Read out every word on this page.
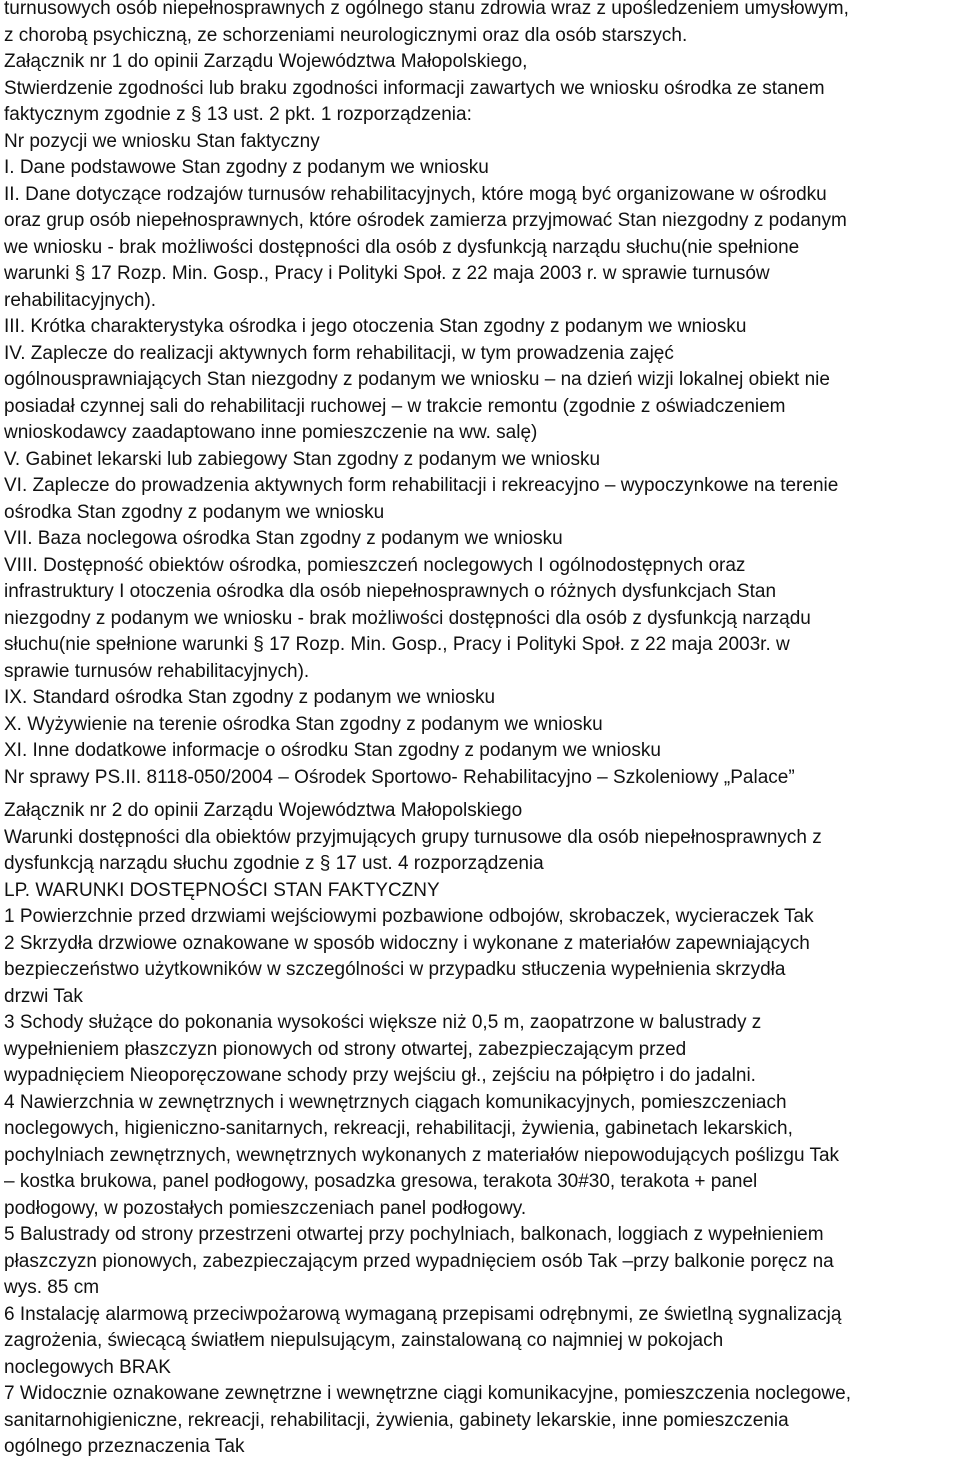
turnusowych osób niepełnosprawnych z ogólnego stanu zdrowia wraz z upośledzeniem umysłowym,
z chorobą psychiczną, ze schorzeniami neurologicznymi oraz dla osób starszych.
Załącznik nr 1 do opinii Zarządu Województwa Małopolskiego,
Stwierdzenie zgodności lub braku zgodności informacji zawartych we wniosku ośrodka ze stanem
faktycznym zgodnie z § 13 ust. 2 pkt. 1 rozporządzenia:
Nr pozycji we wniosku Stan faktyczny
I. Dane podstawowe Stan zgodny z podanym we wniosku
II. Dane dotyczące rodzajów turnusów rehabilitacyjnych, które mogą być organizowane w ośrodku
oraz grup osób niepełnosprawnych, które ośrodek zamierza przyjmować Stan niezgodny z podanym
we wniosku - brak możliwości dostępności dla osób z dysfunkcją narządu słuchu(nie spełnione
warunki § 17 Rozp. Min. Gosp., Pracy i Polityki Społ. z 22 maja 2003 r. w sprawie turnusów
rehabilitacyjnych).
III. Krótka charakterystyka ośrodka i jego otoczenia Stan zgodny z podanym we wniosku
IV. Zaplecze do realizacji aktywnych form rehabilitacji, w tym prowadzenia zajęć
ogólnousprawniających Stan niezgodny z podanym we wniosku – na dzień wizji lokalnej obiekt nie
posiadał czynnej sali do rehabilitacji ruchowej – w trakcie remontu (zgodnie z oświadczeniem
wnioskodawcy zaadaptowano inne pomieszczenie na ww. salę)
V. Gabinet lekarski lub zabiegowy Stan zgodny z podanym we wniosku
VI. Zaplecze do prowadzenia aktywnych form rehabilitacji i rekreacyjno – wypoczynkowe na terenie
ośrodka Stan zgodny z podanym we wniosku
VII. Baza noclegowa ośrodka Stan zgodny z podanym we wniosku
VIII. Dostępność obiektów ośrodka, pomieszczeń noclegowych I ogólnodostępnych oraz
infrastruktury I otoczenia ośrodka dla osób niepełnosprawnych o różnych dysfunkcjach Stan
niezgodny z podanym we wniosku - brak możliwości dostępności dla osób z dysfunkcją narządu
słuchu(nie spełnione warunki § 17 Rozp. Min. Gosp., Pracy i Polityki Społ. z 22 maja 2003r. w
sprawie turnusów rehabilitacyjnych).
IX. Standard ośrodka Stan zgodny z podanym we wniosku
X. Wyżywienie na terenie ośrodka Stan zgodny z podanym we wniosku
XI. Inne dodatkowe informacje o ośrodku Stan zgodny z podanym we wniosku
Nr sprawy PS.II. 8118-050/2004 – Ośrodek Sportowo- Rehabilitacyjno – Szkoleniowy „Palace”
Załącznik nr 2 do opinii Zarządu Województwa Małopolskiego
Warunki dostępności dla obiektów przyjmujących grupy turnusowe dla osób niepełnosprawnych z
dysfunkcją narządu słuchu zgodnie z § 17 ust. 4 rozporządzenia
LP. WARUNKI DOSTĘPNOŚCI STAN FAKTYCZNY
1 Powierzchnie przed drzwiami wejściowymi pozbawione odbojów, skrobaczek, wycieraczek Tak
2 Skrzydła drzwiowe oznakowane w sposób widoczny i wykonane z materiałów zapewniających
bezpieczeństwo użytkowników w szczególności w przypadku stłuczenia wypełnienia skrzydła
drzwi Tak
3 Schody służące do pokonania wysokości większe niż 0,5 m, zaopatrzone w balustrady z
wypełnieniem płaszczyzn pionowych od strony otwartej, zabezpieczającym przed
wypadnięciem Nieoporęczowane schody przy wejściu gł., zejściu na półpiętro i do jadalni.
4 Nawierzchnia w zewnętrznych i wewnętrznych ciągach komunikacyjnych, pomieszczeniach
noclegowych, higieniczno-sanitarnych, rekreacji, rehabilitacji, żywienia, gabinetach lekarskich,
pochylniach zewnętrznych, wewnętrznych wykonanych z materiałów niepowodujących poślizgu Tak
– kostka brukowa, panel podłogowy, posadzka gresowa, terakota 30#30, terakota + panel
podłogowy, w pozostałych pomieszczeniach panel podłogowy.
5 Balustrady od strony przestrzeni otwartej przy pochylniach, balkonach, loggiach z wypełnieniem
płaszczyzn pionowych, zabezpieczającym przed wypadnięciem osób Tak –przy balkonie poręcz na
wys. 85 cm
6 Instalację alarmową przeciwpożarową wymaganą przepisami odrębnymi, ze świetlną sygnalizacją
zagrożenia, świecącą światłem niepulsującym, zainstalowaną co najmniej w pokojach
noclegowych BRAK
7 Widocznie oznakowane zewnętrzne i wewnętrzne ciągi komunikacyjne, pomieszczenia noclegowe,
sanitarnohigieniczne, rekreacji, rehabilitacji, żywienia, gabinety lekarskie, inne pomieszczenia
ogólnego przeznaczenia Tak
